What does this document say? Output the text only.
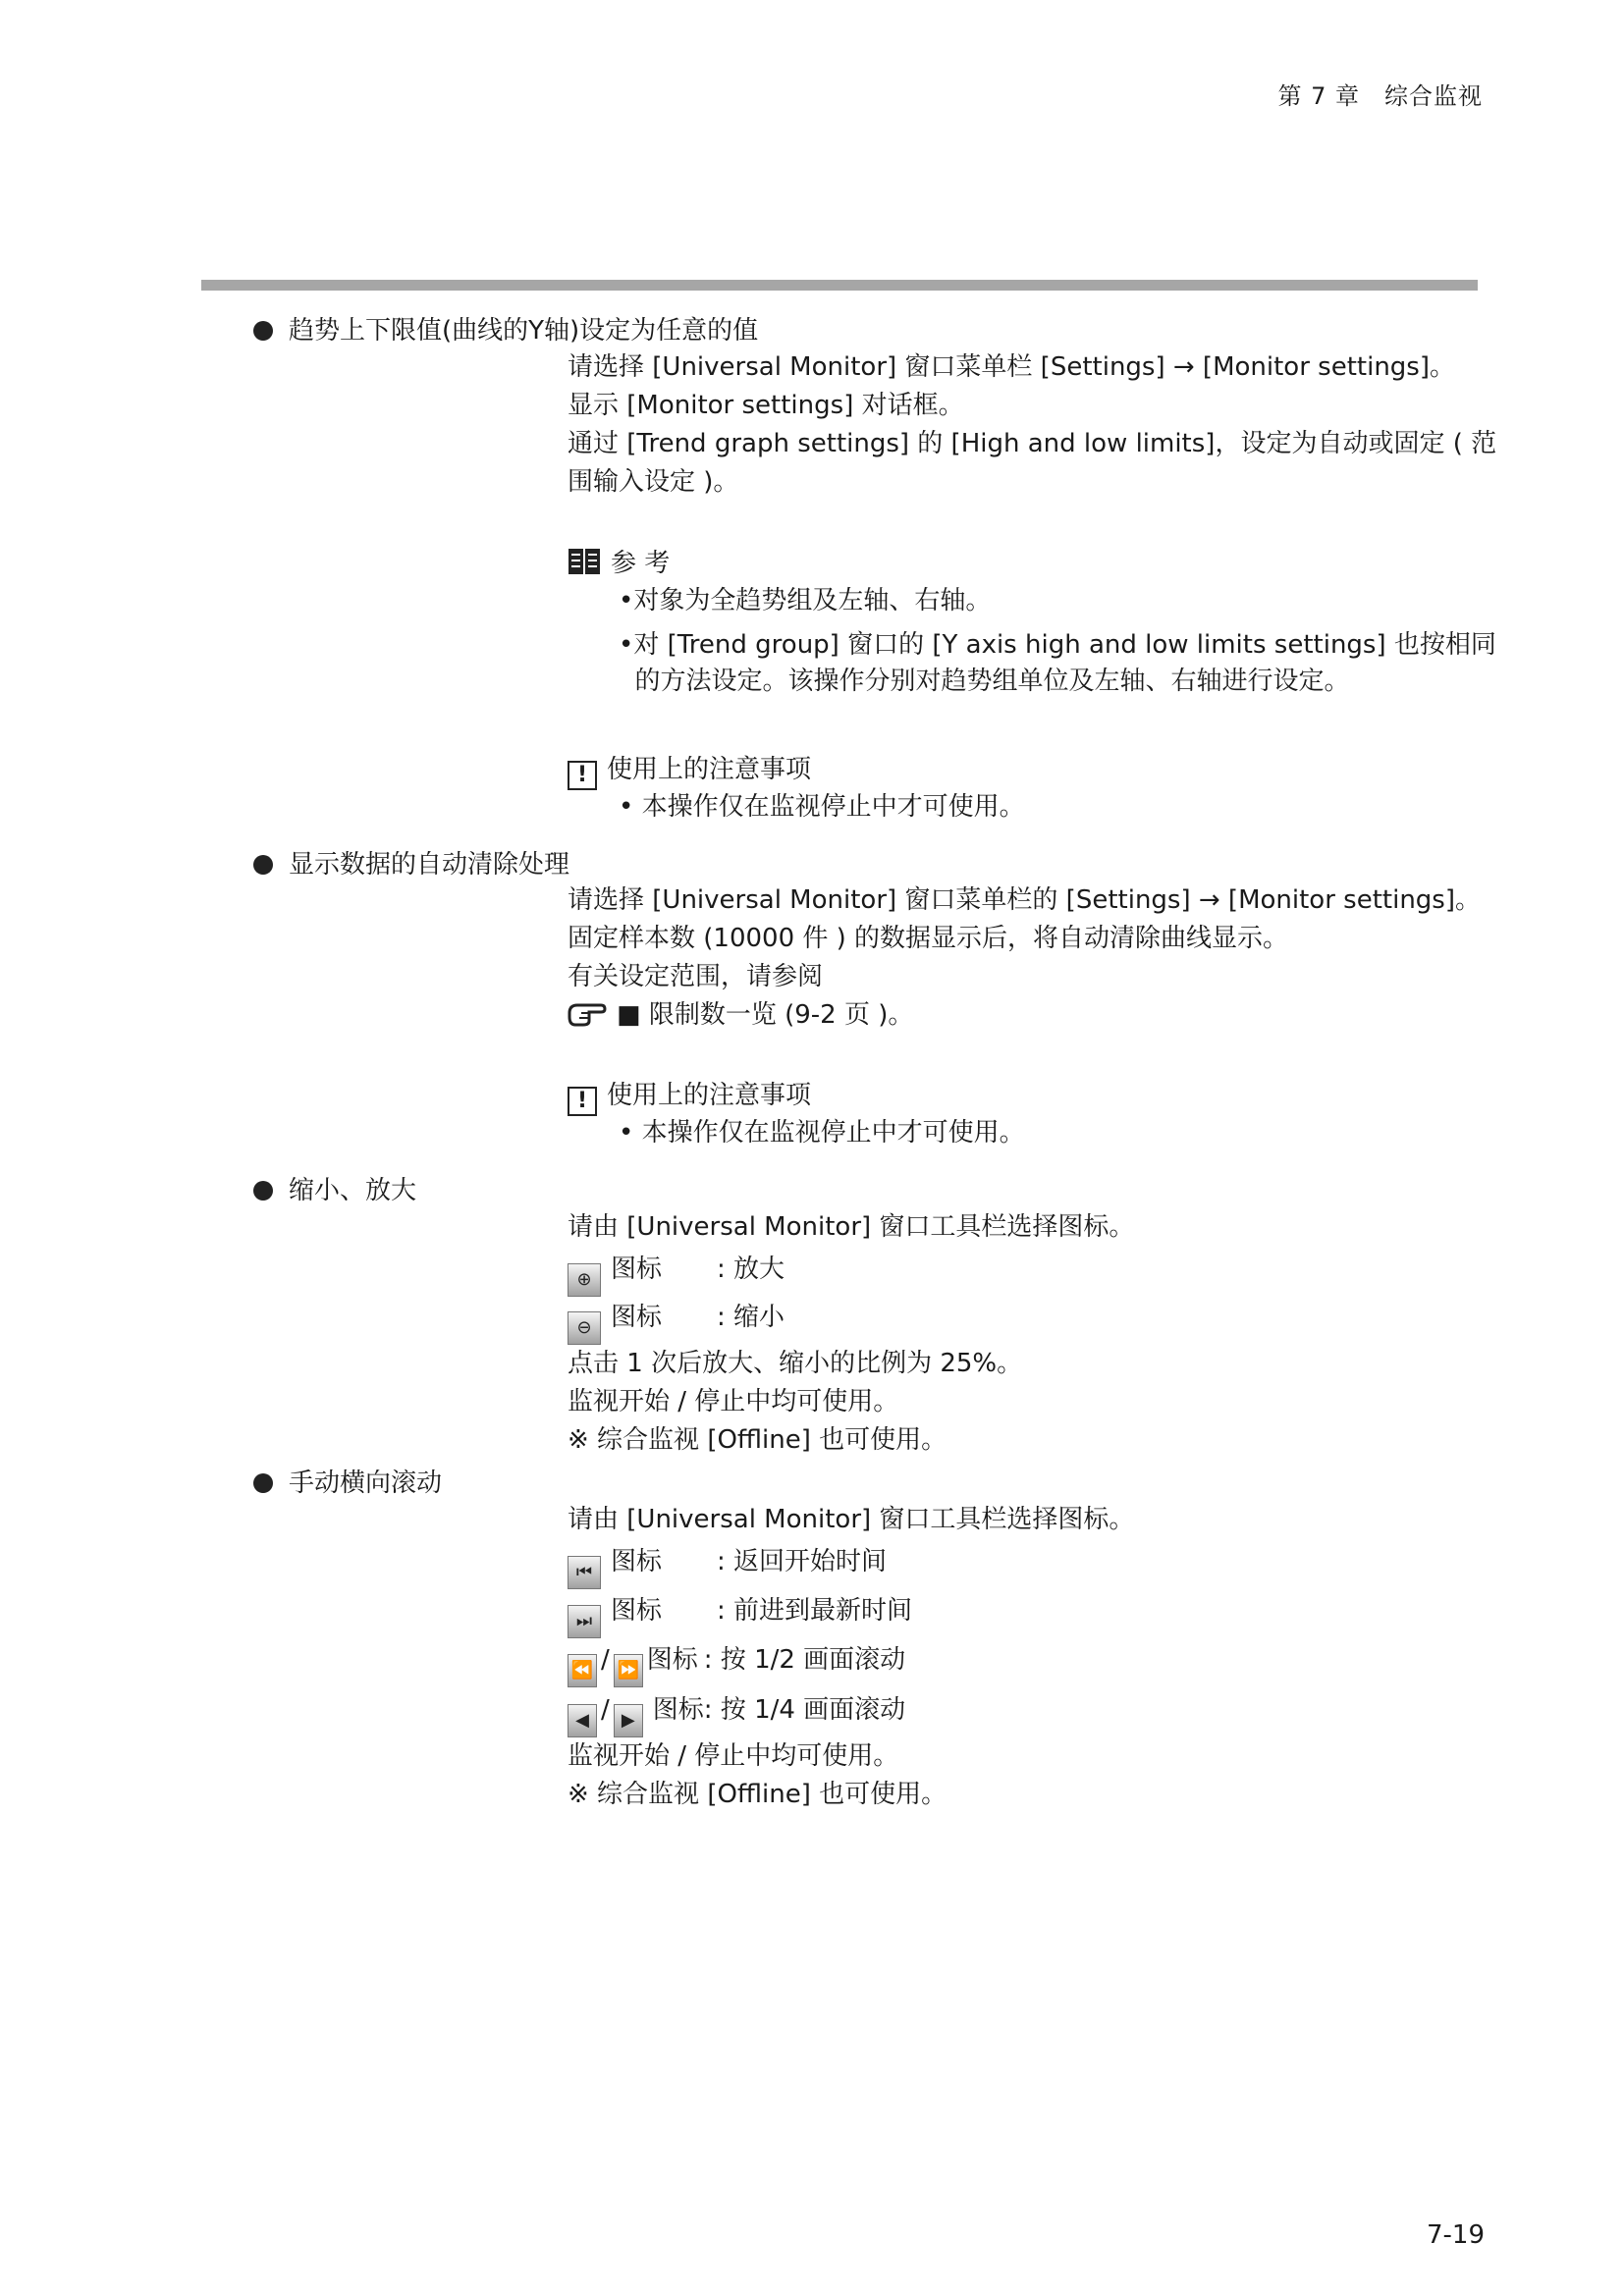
第 7 章　综合监视
趋势上下限值(曲线的Y轴)设定为任意的值
请选择 [Universal Monitor] 窗口菜单栏 [Settings] → [Monitor settings]。
显示 [Monitor settings] 对话框。
通过 [Trend graph settings] 的 [High and low limits]，设定为自动或固定 ( 范
围输入设定 )。
参 考
•对象为全趋势组及左轴、右轴。
•对 [Trend group] 窗口的 [Y axis high and low limits settings] 也按相同
的方法设定。该操作分别对趋势组单位及左轴、右轴进行设定。
! 使用上的注意事项
• 本操作仅在监视停止中才可使用。
显示数据的自动清除处理
请选择 [Universal Monitor] 窗口菜单栏的 [Settings] → [Monitor settings]。
固定样本数 (10000 件 ) 的数据显示后，将自动清除曲线显示。
有关设定范围，请参阅
■ 限制数一览 (9-2 页 )。
! 使用上的注意事项
• 本操作仅在监视停止中才可使用。
缩小、放大
请由 [Universal Monitor] 窗口工具栏选择图标。
⊕ 图标 : 放大
⊖ 图标 : 缩小
点击 1 次后放大、缩小的比例为 25%。
监视开始 / 停止中均可使用。
※ 综合监视 [Offline] 也可使用。
手动横向滚动
请由 [Universal Monitor] 窗口工具栏选择图标。
⏮ 图标 : 返回开始时间
⏭ 图标 : 前进到最新时间
⏪ / ⏩ 图标 : 按 1/2 画面滚动
◀ / ▶ 图标: 按 1/4 画面滚动
监视开始 / 停止中均可使用。
※ 综合监视 [Offline] 也可使用。
7-19
